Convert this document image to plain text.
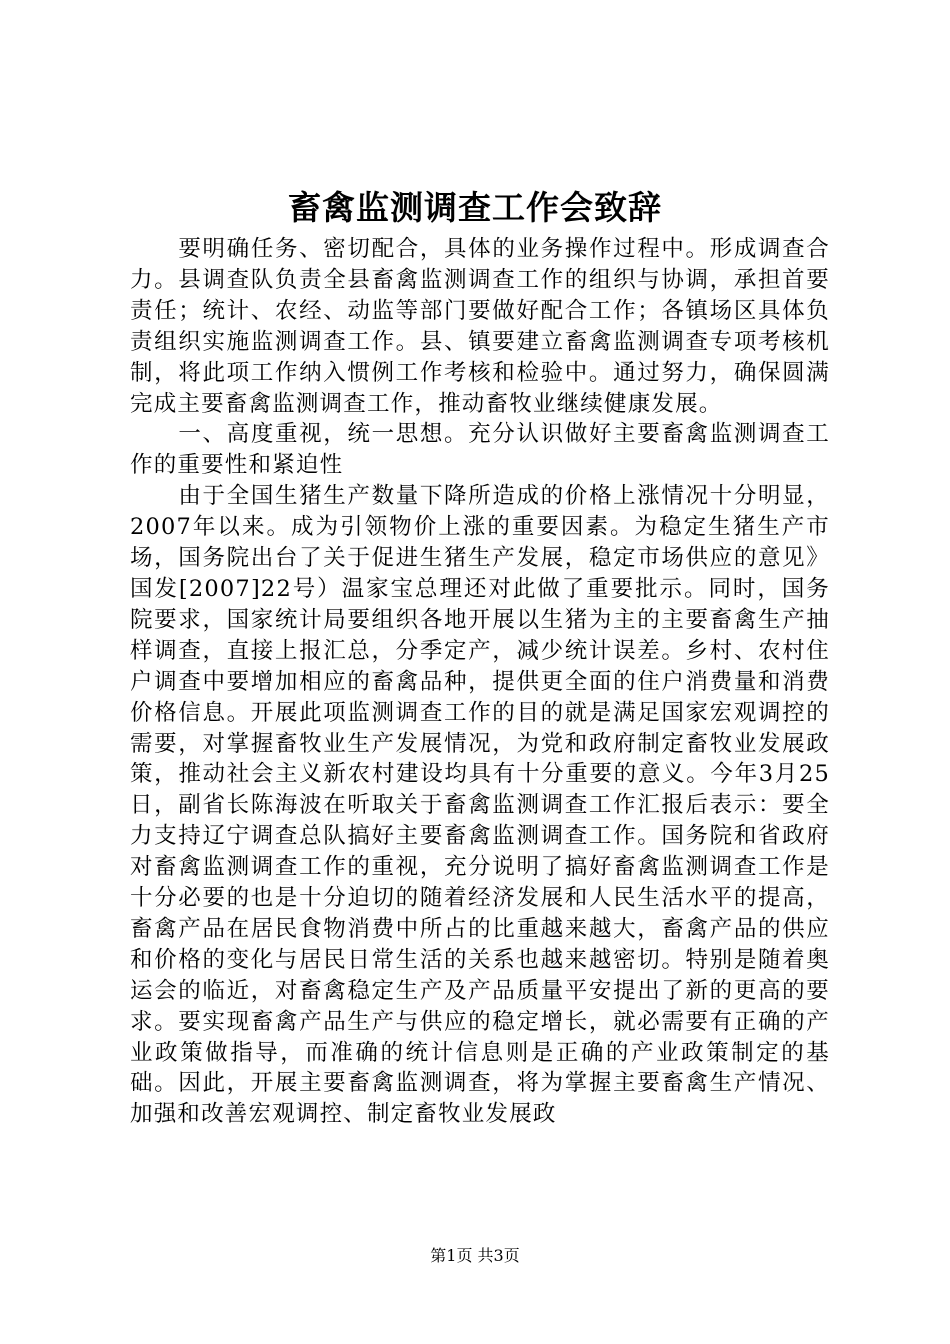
畜禽监测调查工作会致辞

要明确任务、密切配合，具体的业务操作过程中。形成调查合力。县调查队负责全县畜禽监测调查工作的组织与协调，承担首要责任；统计、农经、动监等部门要做好配合工作；各镇场区具体负责组织实施监测调查工作。县、镇要建立畜禽监测调查专项考核机制，将此项工作纳入惯例工作考核和检验中。通过努力，确保圆满完成主要畜禽监测调查工作，推动畜牧业继续健康发展。

一、高度重视，统一思想。充分认识做好主要畜禽监测调查工作的重要性和紧迫性

由于全国生猪生产数量下降所造成的价格上涨情况十分明显，2007年以来。成为引领物价上涨的重要因素。为稳定生猪生产市场，国务院出台了关于促进生猪生产发展，稳定市场供应的意见》国发[2007]22号）温家宝总理还对此做了重要批示。同时，国务院要求，国家统计局要组织各地开展以生猪为主的主要畜禽生产抽样调查，直接上报汇总，分季定产，减少统计误差。乡村、农村住户调查中要增加相应的畜禽品种，提供更全面的住户消费量和消费价格信息。开展此项监测调查工作的目的就是满足国家宏观调控的需要，对掌握畜牧业生产发展情况，为党和政府制定畜牧业发展政策，推动社会主义新农村建设均具有十分重要的意义。今年3月25日，副省长陈海波在听取关于畜禽监测调查工作汇报后表示：要全力支持辽宁调查总队搞好主要畜禽监测调查工作。国务院和省政府对畜禽监测调查工作的重视，充分说明了搞好畜禽监测调查工作是十分必要的也是十分迫切的随着经济发展和人民生活水平的提高，畜禽产品在居民食物消费中所占的比重越来越大，畜禽产品的供应和价格的变化与居民日常生活的关系也越来越密切。特别是随着奥运会的临近，对畜禽稳定生产及产品质量平安提出了新的更高的要求。要实现畜禽产品生产与供应的稳定增长，就必需要有正确的产业政策做指导，而准确的统计信息则是正确的产业政策制定的基础。因此，开展主要畜禽监测调查，将为掌握主要畜禽生产情况、加强和改善宏观调控、制定畜牧业发展政

第1页 共3页
